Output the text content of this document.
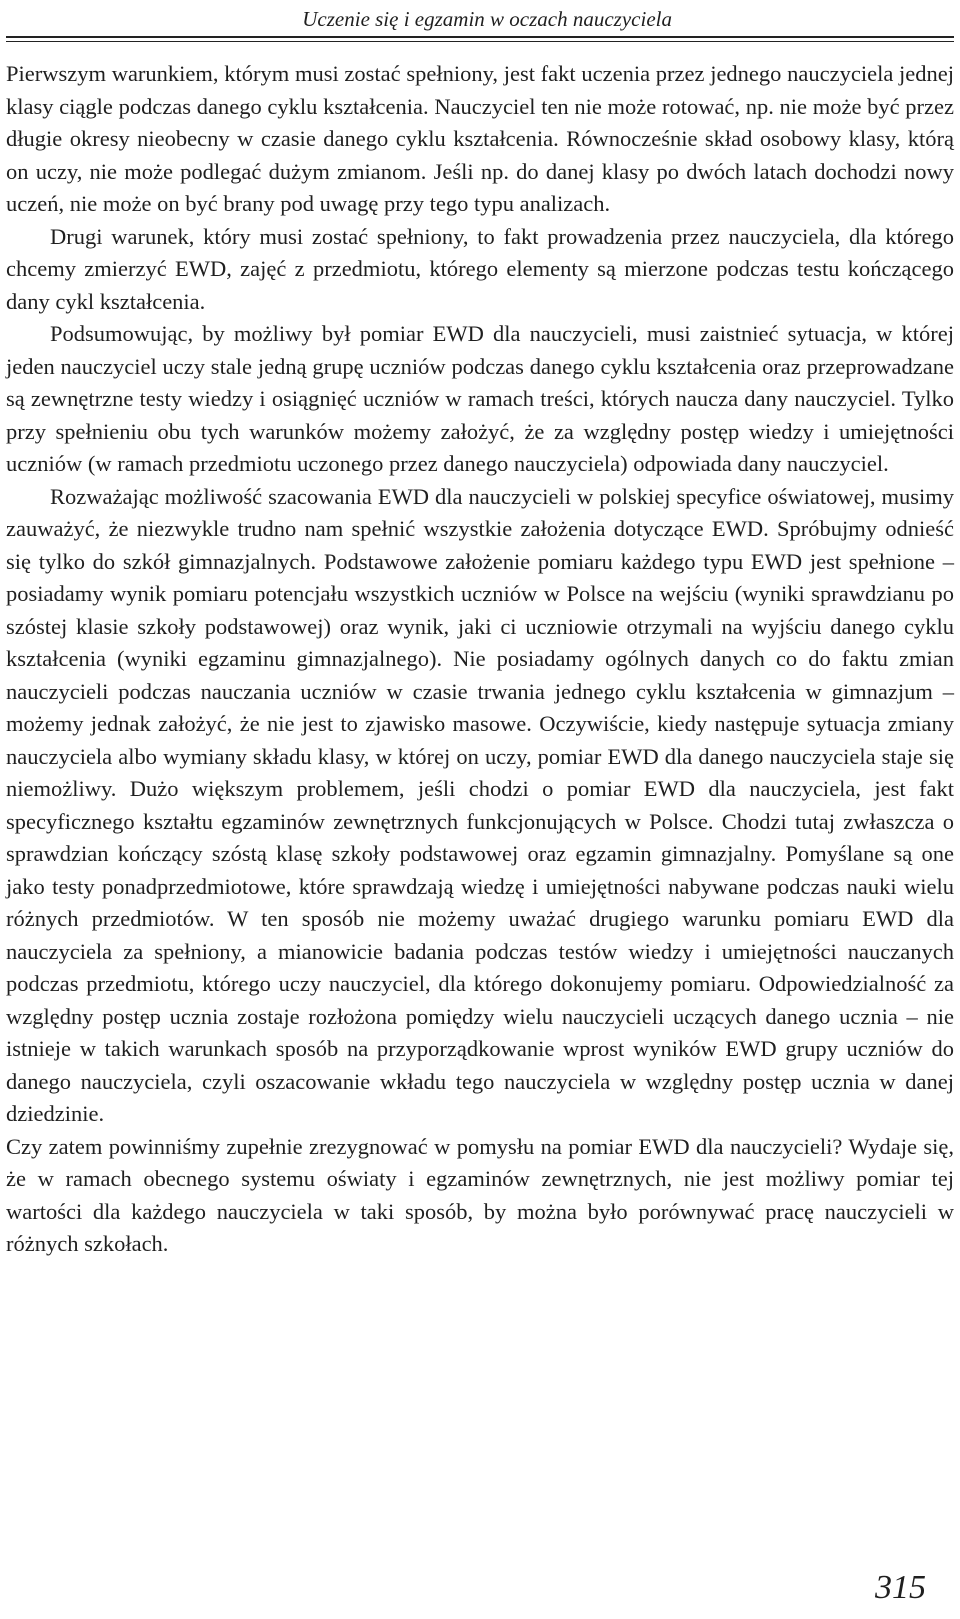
Uczenie się i egzamin w oczach nauczyciela

Pierwszym warunkiem, którym musi zostać spełniony, jest fakt uczenia przez jednego nauczyciela jednej klasy ciągle podczas danego cyklu kształcenia. Nauczyciel ten nie może rotować, np. nie może być przez długie okresy nieobecny w czasie danego cyklu kształcenia. Równocześnie skład osobowy klasy, którą on uczy, nie może podlegać dużym zmianom. Jeśli np. do danej klasy po dwóch latach dochodzi nowy uczeń, nie może on być brany pod uwagę przy tego typu analizach.

Drugi warunek, który musi zostać spełniony, to fakt prowadzenia przez nauczyciela, dla którego chcemy zmierzyć EWD, zajęć z przedmiotu, którego elementy są mierzone podczas testu kończącego dany cykl kształcenia.

Podsumowując, by możliwy był pomiar EWD dla nauczycieli, musi zaistnieć sytuacja, w której jeden nauczyciel uczy stale jedną grupę uczniów podczas danego cyklu kształcenia oraz przeprowadzane są zewnętrzne testy wiedzy i osiągnięć uczniów w ramach treści, których naucza dany nauczyciel. Tylko przy spełnieniu obu tych warunków możemy założyć, że za względny postęp wiedzy i umiejętności uczniów (w ramach przedmiotu uczonego przez danego nauczyciela) odpowiada dany nauczyciel.

Rozważając możliwość szacowania EWD dla nauczycieli w polskiej specyfice oświatowej, musimy zauważyć, że niezwykle trudno nam spełnić wszystkie założenia dotyczące EWD. Spróbujmy odnieść się tylko do szkół gimnazjalnych. Podstawowe założenie pomiaru każdego typu EWD jest spełnione – posiadamy wynik pomiaru potencjału wszystkich uczniów w Polsce na wejściu (wyniki sprawdzianu po szóstej klasie szkoły podstawowej) oraz wynik, jaki ci uczniowie otrzymali na wyjściu danego cyklu kształcenia (wyniki egzaminu gimnazjalnego). Nie posiadamy ogólnych danych co do faktu zmian nauczycieli podczas nauczania uczniów w czasie trwania jednego cyklu kształcenia w gimnazjum – możemy jednak założyć, że nie jest to zjawisko masowe. Oczywiście, kiedy następuje sytuacja zmiany nauczyciela albo wymiany składu klasy, w której on uczy, pomiar EWD dla danego nauczyciela staje się niemożliwy. Dużo większym problemem, jeśli chodzi o pomiar EWD dla nauczyciela, jest fakt specyficznego kształtu egzaminów zewnętrznych funkcjonujących w Polsce. Chodzi tutaj zwłaszcza o sprawdzian kończący szóstą klasę szkoły podstawowej oraz egzamin gimnazjalny. Pomyślane są one jako testy ponadprzedmiotowe, które sprawdzają wiedzę i umiejętności nabywane podczas nauki wielu różnych przedmiotów. W ten sposób nie możemy uważać drugiego warunku pomiaru EWD dla nauczyciela za spełniony, a mianowicie badania podczas testów wiedzy i umiejętności nauczanych podczas przedmiotu, którego uczy nauczyciel, dla którego dokonujemy pomiaru. Odpowiedzialność za względny postęp ucznia zostaje rozłożona pomiędzy wielu nauczycieli uczących danego ucznia – nie istnieje w takich warunkach sposób na przyporządkowanie wprost wyników EWD grupy uczniów do danego nauczyciela, czyli oszacowanie wkładu tego nauczyciela w względny postęp ucznia w danej dziedzinie.

Czy zatem powinniśmy zupełnie zrezygnować w pomysłu na pomiar EWD dla nauczycieli? Wydaje się, że w ramach obecnego systemu oświaty i egzaminów zewnętrznych, nie jest możliwy pomiar tej wartości dla każdego nauczyciela w taki sposób, by można było porównywać pracę nauczycieli w różnych szkołach.

315
